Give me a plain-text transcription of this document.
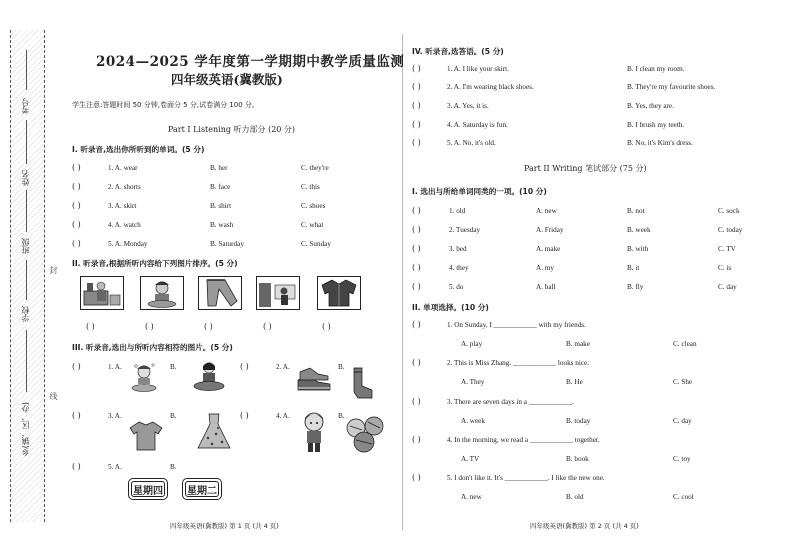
考号
姓名
班级
学校
乡(镇、区、办)
封
线
2024—2025 学年度第一学期期中教学质量监测
四年级英语(冀教版)
学生注意:答题时间 50 分钟,卷面分 5 分,试卷满分 100 分。
Part I Listening 听力部分 (20 分)
I. 听录音,选出你所听到的单词。(5 分)
( )	1. A. wear	B. her	C. they're
( )	2. A. shorts	B. face	C. this
( )	3. A. skirt	B. shirt	C. shoes
( )	4. A. watch	B. wash	C. what
( )	5. A. Monday	B. Saturday	C. Sunday
II. 听录音,根据所听内容给下列图片排序。(5 分)
( )	( )	( )	( )	( )
III. 听录音,选出与所听内容相符的图片。(5 分)
( )	1. A.	B.	( )	2. A.	B.
( )	3. A.	B.	( )	4. A.	B.
( )	5. A.	B.
星期四	星期二
四年级英语(冀教版) 第 1 页 (共 4 页)
IV. 听录音,选答语。(5 分)
( )	1. A. I like your skirt.	B. I clean my room.
( )	2. A. I'm wearing black shoes.	B. They're my favourite shoes.
( )	3. A. Yes, it is.	B. Yes, they are.
( )	4. A. Saturday is fun.	B. I brush my teeth.
( )	5. A. No, it's old.	B. No, it's Kim's dress.
Part II Writing 笔试部分 (75 分)
I. 选出与所给单词同类的一项。(10 分)
( )	1. old	A. new	B. not	C. sock
( )	2. Tuesday	A. Friday	B. week	C. today
( )	3. bed	A. make	B. with	C. TV
( )	4. they	A. my	B. it	C. is
( )	5. do	A. ball	B. fly	C. day
II. 单项选择。(10 分)
( )	1. On Sunday, I ____________ with my friends.
A. play	B. make	C. clean
( )	2. This is Miss Zhang. ____________ looks nice.
A. They	B. He	C. She
( )	3. There are seven days in a ____________.
A. week	B. today	C. day
( )	4. In the morning, we read a ____________ together.
A. TV	B. book	C. toy
( )	5. I don't like it. It's ____________. I like the new one.
A. new	B. old	C. cool
四年级英语(冀教版) 第 2 页 (共 4 页)
